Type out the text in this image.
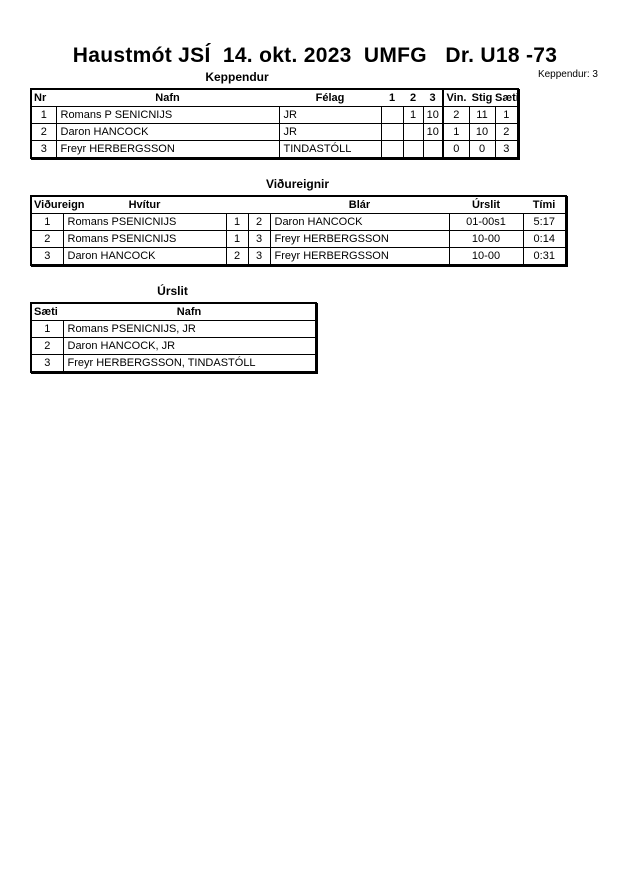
Haustmót JSÍ  14. okt. 2023  UMFG   Dr. U18 -73
Keppendur: 3
Keppendur
Nr	Nafn	Félag	1	2	3	Vin.	Stig	Sæti
1	Romans P SENICNIJS	JR		1	10	2	11	1
2	Daron HANCOCK	JR			10	1	10	2
3	Freyr HERBERGSSON	TINDASTÓLL				0	0	3
Viðureignir
Viðureign	Hvítur			Blár	Úrslit	Tími
1	Romans PSENICNIJS	1	2	Daron HANCOCK	01-00s1	5:17
2	Romans PSENICNIJS	1	3	Freyr HERBERGSSON	10-00	0:14
3	Daron HANCOCK	2	3	Freyr HERBERGSSON	10-00	0:31
Úrslit
Sæti	Nafn
1	Romans PSENICNIJS, JR
2	Daron HANCOCK, JR
3	Freyr HERBERGSSON, TINDASTÓLL
